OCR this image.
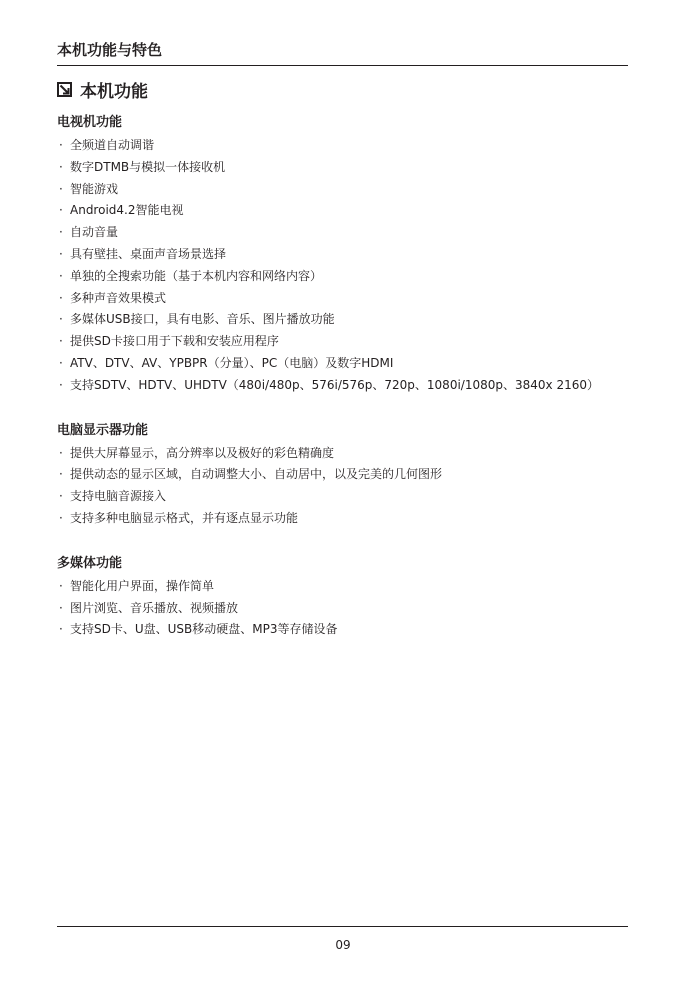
本机功能与特色
本机功能
电视机功能
· 全频道自动调谐
· 数字DTMB与模拟一体接收机
· 智能游戏
· Android4.2智能电视
· 自动音量
· 具有壁挂、桌面声音场景选择
· 单独的全搜索功能（基于本机内容和网络内容）
· 多种声音效果模式
· 多媒体USB接口，具有电影、音乐、图片播放功能
· 提供SD卡接口用于下载和安装应用程序
· ATV、DTV、AV、YPBPR（分量）、PC（电脑）及数字HDMI
· 支持SDTV、HDTV、UHDTV（480i/480p、576i/576p、720p、1080i/1080p、3840x 2160）
电脑显示器功能
· 提供大屏幕显示，高分辨率以及极好的彩色精确度
· 提供动态的显示区域，自动调整大小、自动居中，以及完美的几何图形
· 支持电脑音源接入
· 支持多种电脑显示格式，并有逐点显示功能
多媒体功能
· 智能化用户界面，操作简单
· 图片浏览、音乐播放、视频播放
· 支持SD卡、U盘、USB移动硬盘、MP3等存储设备
09
